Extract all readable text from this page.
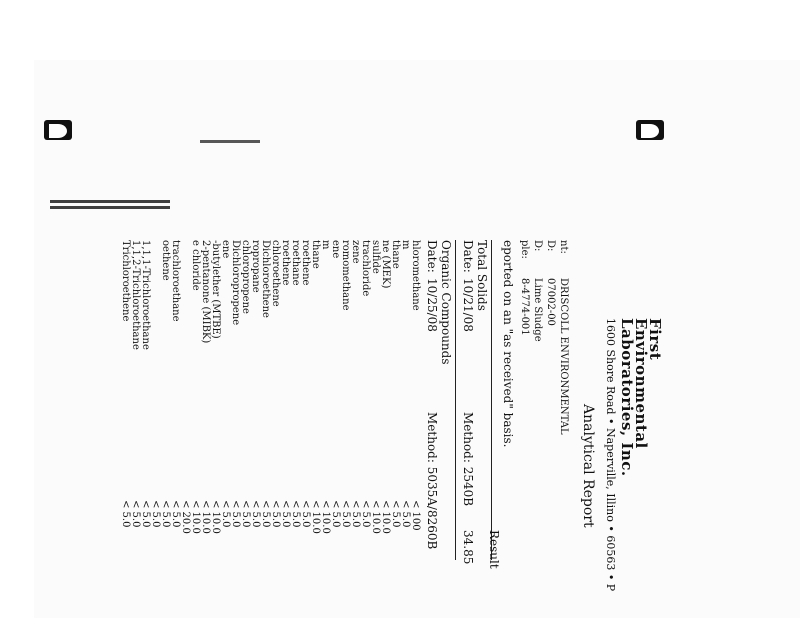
First
Environmental
Laboratories, Inc.
1600 Shore Road • Naperville, Illino • 60563 • P
Analytical Report
nt:
D:
D:
ple:
DRISCOLL ENVIRONMENTAL
07002-00
Lime Sludge
8-4774-001
eported on an "as received" basis.
Total Solids
Date:
10/21/08
Method: 2540B
Result
34.85
Organic Compounds
Date:
10/25/08
Method: 5035A/8260B
hloromethane
m
thane
ne (MEK)
sulfide
trachloride
zene
romomethane
ene
m
thane
roethene
roethane
roethene
chloroethene
Dichloroethene
ropropane
chloropropene
Dichloropropene
ene
-butylether (MTBE)
2-pentanone (MIBK)
e chloride
trachloroethane
oethene
1,1,1-Trichloroethane
1,1,2-Trichloroethane
Trichloroethene
< 100
< 5.0
< 5.0
< 10.0
< 10.0
< 5.0
< 5.0
< 5.0
< 5.0
< 10.0
< 10.0
< 5.0
< 5.0
< 5.0
< 5.0
< 5.0
< 5.0
< 5.0
< 5.0
< 5.0
< 10.0
< 10.0
< 10.0
< 20.0
< 5.0
< 5.0
< 5.0
< 5.0
< 5.0
< 5.0
